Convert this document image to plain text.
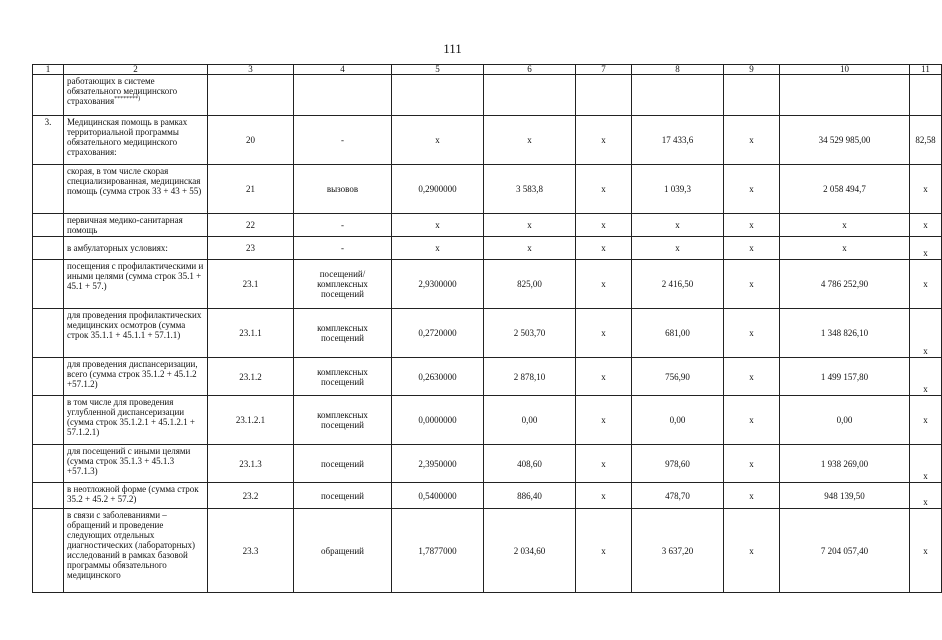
111
1	2	3	4	5	6	7	8	9	10	11
	работающих в системе обязательного медицинского страхования********)									
3.	Медицинская помощь в рамках территориальной программы обязательного медицинского страхования:	20	-	х	х	х	17 433,6	х	34 529 985,00	82,58
	скорая, в том числе скорая специализированная, медицинская помощь (сумма строк 33 + 43 + 55)	21	вызовов	0,2900000	3 583,8	х	1 039,3	х	2 058 494,7	х
	первичная медико-санитарная помощь	22	-	х	х	х	х	х	х	х
	в амбулаторных условиях:	23	-	х	х	х	х	х	х	х
	посещения с профилактическими и иными целями (сумма строк 35.1 + 45.1 + 57.)	23.1	посещений/ комплексных посещений	2,9300000	825,00	х	2 416,50	х	4 786 252,90	х
	для проведения профилактических медицинских осмотров (сумма строк 35.1.1 + 45.1.1 + 57.1.1)	23.1.1	комплексных посещений	0,2720000	2 503,70	х	681,00	х	1 348 826,10	х
	для проведения диспансеризации, всего (сумма строк 35.1.2 + 45.1.2 +57.1.2)	23.1.2	комплексных посещений	0,2630000	2 878,10	х	756,90	х	1 499 157,80	х
	в том числе для проведения углубленной диспансеризации (сумма строк 35.1.2.1 + 45.1.2.1 + 57.1.2.1)	23.1.2.1	комплексных посещений	0,0000000	0,00	х	0,00	х	0,00	х
	для посещений с иными целями (сумма строк 35.1.3 + 45.1.3 +57.1.3)	23.1.3	посещений	2,3950000	408,60	х	978,60	х	1 938 269,00	х
	в неотложной форме (сумма строк 35.2 + 45.2 + 57.2)	23.2	посещений	0,5400000	886,40	х	478,70	х	948 139,50	х
	в связи с заболеваниями – обращений и проведение следующих отдельных диагностических (лабораторных) исследований в рамках базовой программы обязательного медицинского	23.3	обращений	1,7877000	2 034,60	х	3 637,20	х	7 204 057,40	х
